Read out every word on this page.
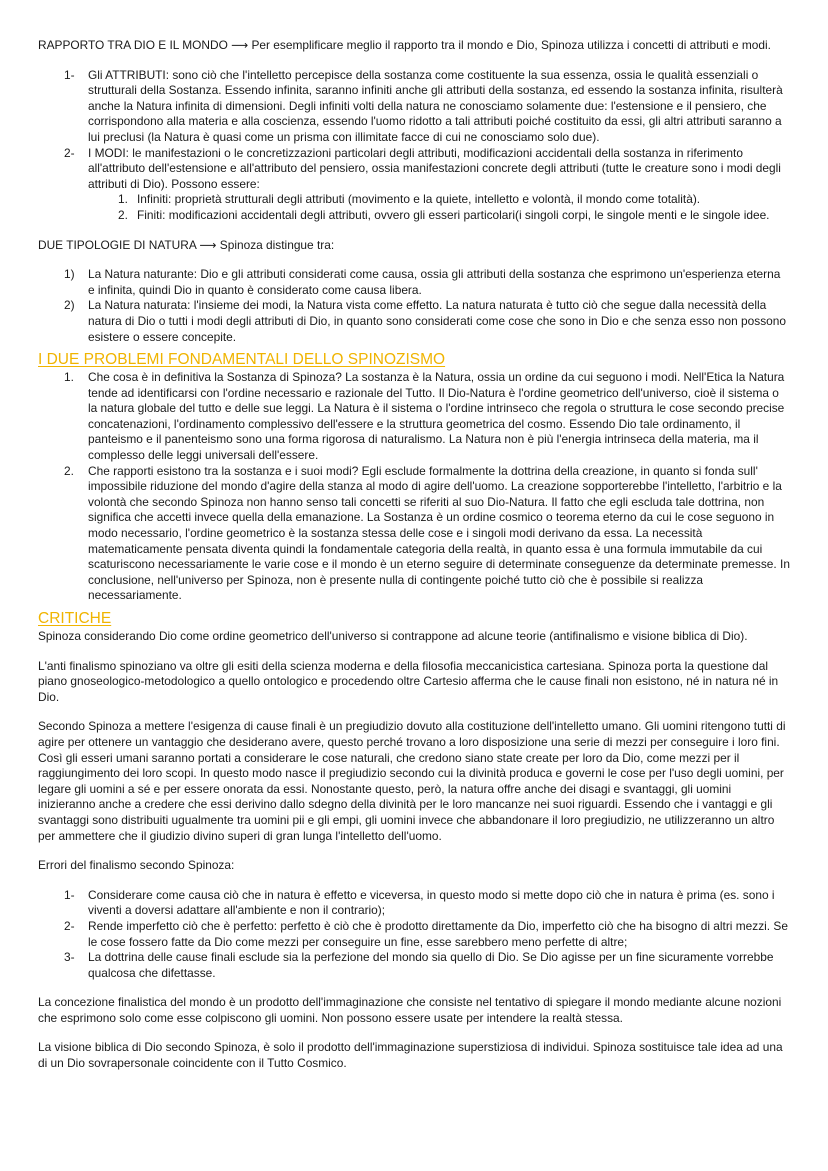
RAPPORTO TRA DIO E IL MONDO ⟶ Per esemplificare meglio il rapporto tra il mondo e Dio, Spinoza utilizza i concetti di attributi e modi.

1- Gli ATTRIBUTI: sono ciò che l'intelletto percepisce della sostanza come costituente la sua essenza, ossia le qualità essenziali o strutturali della Sostanza. Essendo infinita, saranno infiniti anche gli attributi della sostanza, ed essendo la sostanza infinita, risulterà anche la Natura infinita di dimensioni. Degli infiniti volti della natura ne conosciamo solamente due: l'estensione e il pensiero, che corrispondono alla materia e alla coscienza, essendo l'uomo ridotto a tali attributi poiché costituito da essi, gli altri attributi saranno a lui preclusi (la Natura è quasi come un prisma con illimitate facce di cui ne conosciamo solo due).
2- I MODI: le manifestazioni o le concretizzazioni particolari degli attributi, modificazioni accidentali della sostanza in riferimento all'attributo dell'estensione e all'attributo del pensiero, ossia manifestazioni concrete degli attributi (tutte le creature sono i modi degli attributi di Dio). Possono essere:
1. Infiniti: proprietà strutturali degli attributi (movimento e la quiete, intelletto e volontà, il mondo come totalità).
2. Finiti: modificazioni accidentali degli attributi, ovvero gli esseri particolari(i singoli corpi, le singole menti e le singole idee.

DUE TIPOLOGIE DI NATURA ⟶ Spinoza distingue tra:

1) La Natura naturante: Dio e gli attributi considerati come causa, ossia gli attributi della sostanza che esprimono un'esperienza eterna e infinita, quindi Dio in quanto è considerato come causa libera.
2) La Natura naturata: l'insieme dei modi, la Natura vista come effetto. La natura naturata è tutto ciò che segue dalla necessità della natura di Dio o tutti i modi degli attributi di Dio, in quanto sono considerati come cose che sono in Dio e che senza esso non possono esistere o essere concepite.
I DUE PROBLEMI FONDAMENTALI DELLO SPINOZISMO
1. Che cosa è in definitiva la Sostanza di Spinoza? La sostanza è la Natura, ossia un ordine da cui seguono i modi. Nell'Etica la Natura tende ad identificarsi con l'ordine necessario e razionale del Tutto. Il Dio-Natura è l'ordine geometrico dell'universo, cioè il sistema o la natura globale del tutto e delle sue leggi. La Natura è il sistema o l'ordine intrinseco che regola o struttura le cose secondo precise concatenazioni, l'ordinamento complessivo dell'essere e la struttura geometrica del cosmo. Essendo Dio tale ordinamento, il panteismo e il panenteismo sono una forma rigorosa di naturalismo. La Natura non è più l'energia intrinseca della materia, ma il complesso delle leggi universali dell'essere.
2. Che rapporti esistono tra la sostanza e i suoi modi? Egli esclude formalmente la dottrina della creazione, in quanto si fonda sull' impossibile riduzione del mondo d'agire della stanza al modo di agire dell'uomo. La creazione sopporterebbe l'intelletto, l'arbitrio e la volontà che secondo Spinoza non hanno senso tali concetti se riferiti al suo Dio-Natura. Il fatto che egli escluda tale dottrina, non significa che accetti invece quella della emanazione. La Sostanza è un ordine cosmico o teorema eterno da cui le cose seguono in modo necessario, l'ordine geometrico è la sostanza stessa delle cose e i singoli modi derivano da essa. La necessità matematicamente pensata diventa quindi la fondamentale categoria della realtà, in quanto essa è una formula immutabile da cui scaturiscono necessariamente le varie cose e il mondo è un eterno seguire di determinate conseguenze da determinate premesse. In conclusione, nell'universo per Spinoza, non è presente nulla di contingente poiché tutto ciò che è possibile si realizza necessariamente.
CRITICHE

Spinoza considerando Dio come ordine geometrico dell'universo si contrappone ad alcune teorie (antifinalismo e visione biblica di Dio).

L'anti finalismo spinoziano va oltre gli esiti della scienza moderna e della filosofia meccanicistica cartesiana. Spinoza porta la questione dal piano gnoseologico-metodologico a quello ontologico e procedendo oltre Cartesio afferma che le cause finali non esistono, né in natura né in Dio.

Secondo Spinoza a mettere l'esigenza di cause finali è un pregiudizio dovuto alla costituzione dell'intelletto umano. Gli uomini ritengono tutti di agire per ottenere un vantaggio che desiderano avere, questo perché trovano a loro disposizione una serie di mezzi per conseguire i loro fini. Così gli esseri umani saranno portati a considerare le cose naturali, che credono siano state create per loro da Dio, come mezzi per il raggiungimento dei loro scopi. In questo modo nasce il pregiudizio secondo cui la divinità produca e governi le cose per l'uso degli uomini, per legare gli uomini a sé e per essere onorata da essi. Nonostante questo, però, la natura offre anche dei disagi e svantaggi, gli uomini inizieranno anche a credere che essi derivino dallo sdegno della divinità per le loro mancanze nei suoi riguardi. Essendo che i vantaggi e gli svantaggi sono distribuiti ugualmente tra uomini pii e gli empi, gli uomini invece che abbandonare il loro pregiudizio, ne utilizzeranno un altro per ammettere che il giudizio divino superi di gran lunga l'intelletto dell'uomo.

Errori del finalismo secondo Spinoza:

1- Considerare come causa ciò che in natura è effetto e viceversa, in questo modo si mette dopo ciò che in natura è prima (es. sono i viventi a doversi adattare all'ambiente e non il contrario);
2- Rende imperfetto ciò che è perfetto: perfetto è ciò che è prodotto direttamente da Dio, imperfetto ciò che ha bisogno di altri mezzi. Se le cose fossero fatte da Dio come mezzi per conseguire un fine, esse sarebbero meno perfette di altre;
3- La dottrina delle cause finali esclude sia la perfezione del mondo sia quello di Dio. Se Dio agisse per un fine sicuramente vorrebbe qualcosa che difettasse.

La concezione finalistica del mondo è un prodotto dell'immaginazione che consiste nel tentativo di spiegare il mondo mediante alcune nozioni che esprimono solo come esse colpiscono gli uomini. Non possono essere usate per intendere la realtà stessa.

La visione biblica di Dio secondo Spinoza, è solo il prodotto dell'immaginazione superstiziosa di individui. Spinoza sostituisce tale idea ad una di un Dio sovrapersonale coincidente con il Tutto Cosmico.
